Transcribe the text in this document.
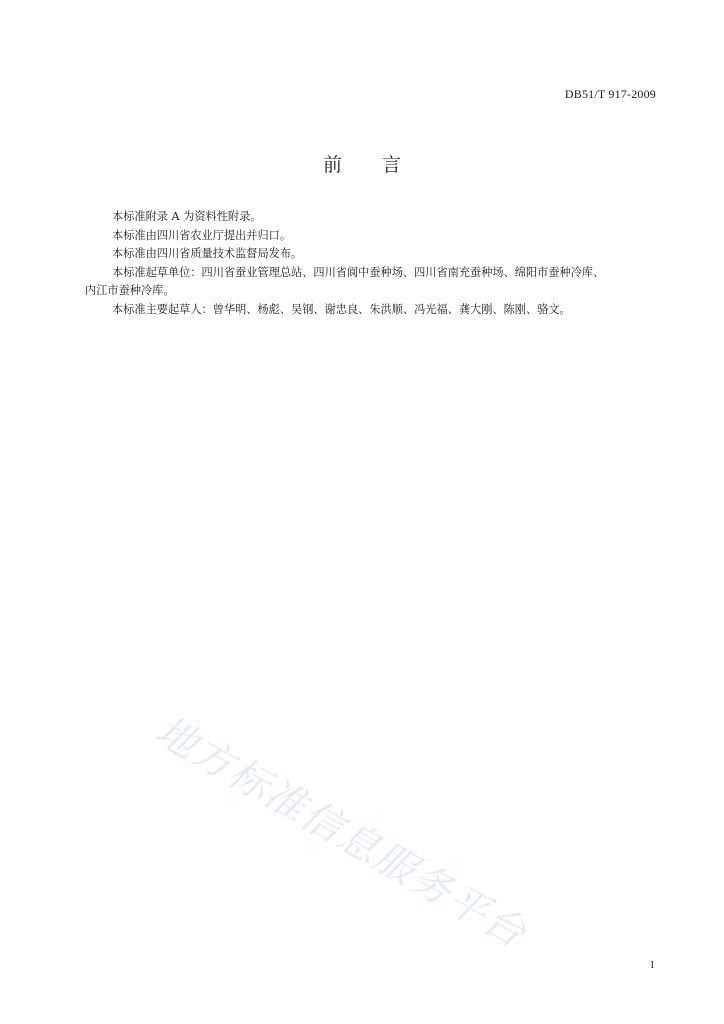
DB51/T 917-2009
前 言

本标准附录 A 为资料性附录。

本标准由四川省农业厅提出并归口。

本标准由四川省质量技术监督局发布。

本标准起草单位：四川省蚕业管理总站、四川省阆中蚕种场、四川省南充蚕种场、绵阳市蚕种冷库、

内江市蚕种冷库。

本标准主要起草人：曾华明、杨彪、吴钢、谢忠良、朱洪顺、冯光福、龚大刚、陈刚、骆文。

地方标准信息服务平台
I
